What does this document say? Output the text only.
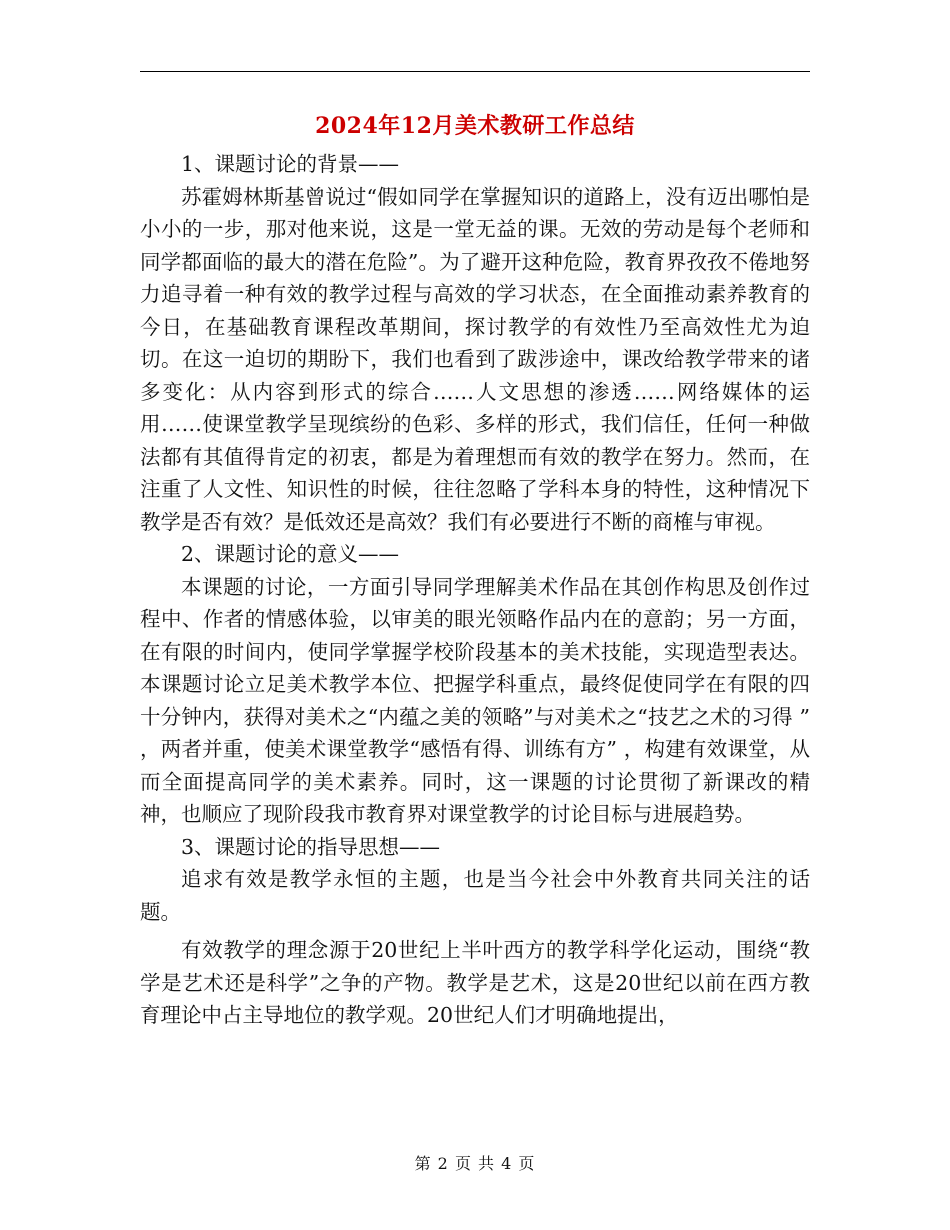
2024年12月美术教研工作总结

1、课题讨论的背景——

苏霍姆林斯基曾说过“假如同学在掌握知识的道路上，没有迈出哪怕是小小的一步，那对他来说，这是一堂无益的课。无效的劳动是每个老师和同学都面临的最大的潜在危险”。为了避开这种危险，教育界孜孜不倦地努力追寻着一种有效的教学过程与高效的学习状态，在全面推动素养教育的今日，在基础教育课程改革期间，探讨教学的有效性乃至高效性尤为迫切。在这一迫切的期盼下，我们也看到了跋涉途中，课改给教学带来的诸多变化：从内容到形式的综合……人文思想的渗透……网络媒体的运用……使课堂教学呈现缤纷的色彩、多样的形式，我们信任，任何一种做法都有其值得肯定的初衷，都是为着理想而有效的教学在努力。然而，在注重了人文性、知识性的时候，往往忽略了学科本身的特性，这种情况下教学是否有效？是低效还是高效？我们有必要进行不断的商榷与审视。

2、课题讨论的意义——

本课题的讨论，一方面引导同学理解美术作品在其创作构思及创作过程中、作者的情感体验，以审美的眼光领略作品内在的意韵；另一方面，在有限的时间内，使同学掌握学校阶段基本的美术技能，实现造型表达。本课题讨论立足美术教学本位、把握学科重点，最终促使同学在有限的四十分钟内，获得对美术之“内蕴之美的领略”与对美术之“技艺之术的习得 ” ，两者并重，使美术课堂教学“感悟有得、训练有方” ，构建有效课堂，从而全面提高同学的美术素养。同时，这一课题的讨论贯彻了新课改的精神，也顺应了现阶段我市教育界对课堂教学的讨论目标与进展趋势。

3、课题讨论的指导思想——

追求有效是教学永恒的主题，也是当今社会中外教育共同关注的话题。

有效教学的理念源于20世纪上半叶西方的教学科学化运动，围绕“教学是艺术还是科学”之争的产物。教学是艺术，这是20世纪以前在西方教育理论中占主导地位的教学观。20世纪人们才明确地提出，

第 2 页 共 4 页
